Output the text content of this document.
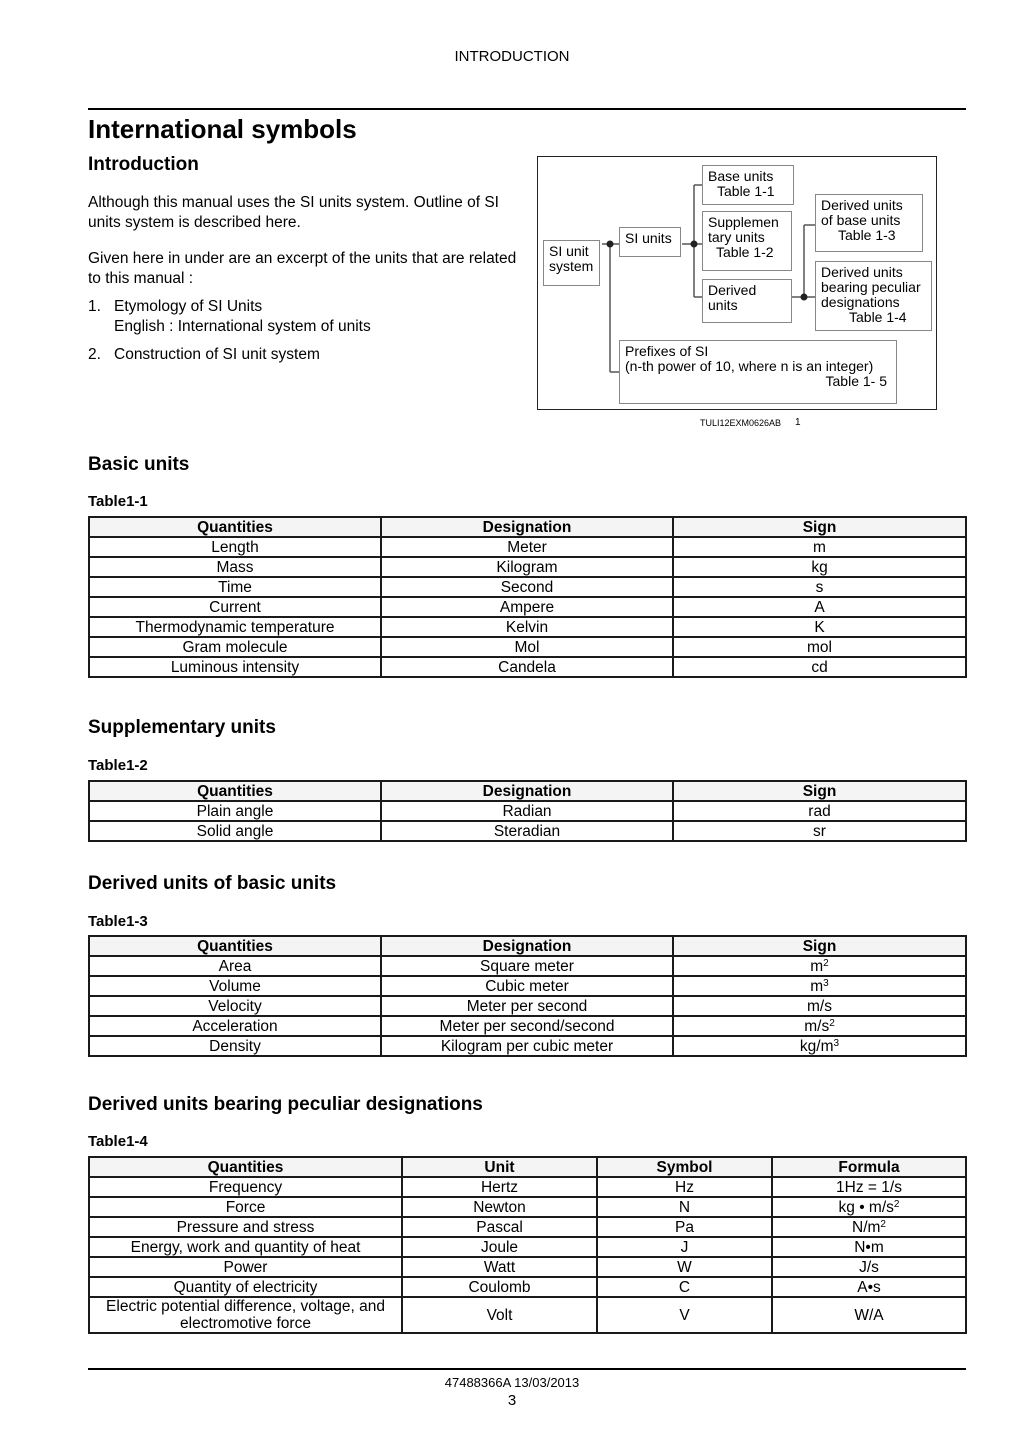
INTRODUCTION
International symbols
Introduction
Although this manual uses the SI units system. Outline of SI units system is described here.
Given here in under are an excerpt of the units that are related to this manual :
1. Etymology of SI Units
English : International system of units
2. Construction of SI unit system
SI unit
system
SI units
Base units
Table 1-1
Supplemen
tary units
Table 1-2
Derived
units
Derived units
of base units
Table 1-3
Derived units
bearing peculiar
designations
Table 1-4
Prefixes of SI
(n-th power of 10, where n is an integer)
Table 1- 5
TULI12EXM0626AB 1
Basic units
Table1-1
Quantities	Designation	Sign
Length	Meter	m
Mass	Kilogram	kg
Time	Second	s
Current	Ampere	A
Thermodynamic temperature	Kelvin	K
Gram molecule	Mol	mol
Luminous intensity	Candela	cd
Supplementary units
Table1-2
Quantities	Designation	Sign
Plain angle	Radian	rad
Solid angle	Steradian	sr
Derived units of basic units
Table1-3
Quantities	Designation	Sign
Area	Square meter	$m^2$
Volume	Cubic meter	$m^3$
Velocity	Meter per second	m/s
Acceleration	Meter per second/second	$m/s^2$
Density	Kilogram per cubic meter	$kg/m^3$
Derived units bearing peculiar designations
Table1-4
Quantities	Unit	Symbol	Formula
Frequency	Hertz	Hz	1Hz = 1/s
Force	Newton	N	kg • $m/s^2$
Pressure and stress	Pascal	Pa	$N/m^2$
Energy, work and quantity of heat	Joule	J	N•m
Power	Watt	W	J/s
Quantity of electricity	Coulomb	C	A•s
Electric potential difference, voltage, and electromotive force	Volt	V	W/A
47488366A 13/03/2013
3
